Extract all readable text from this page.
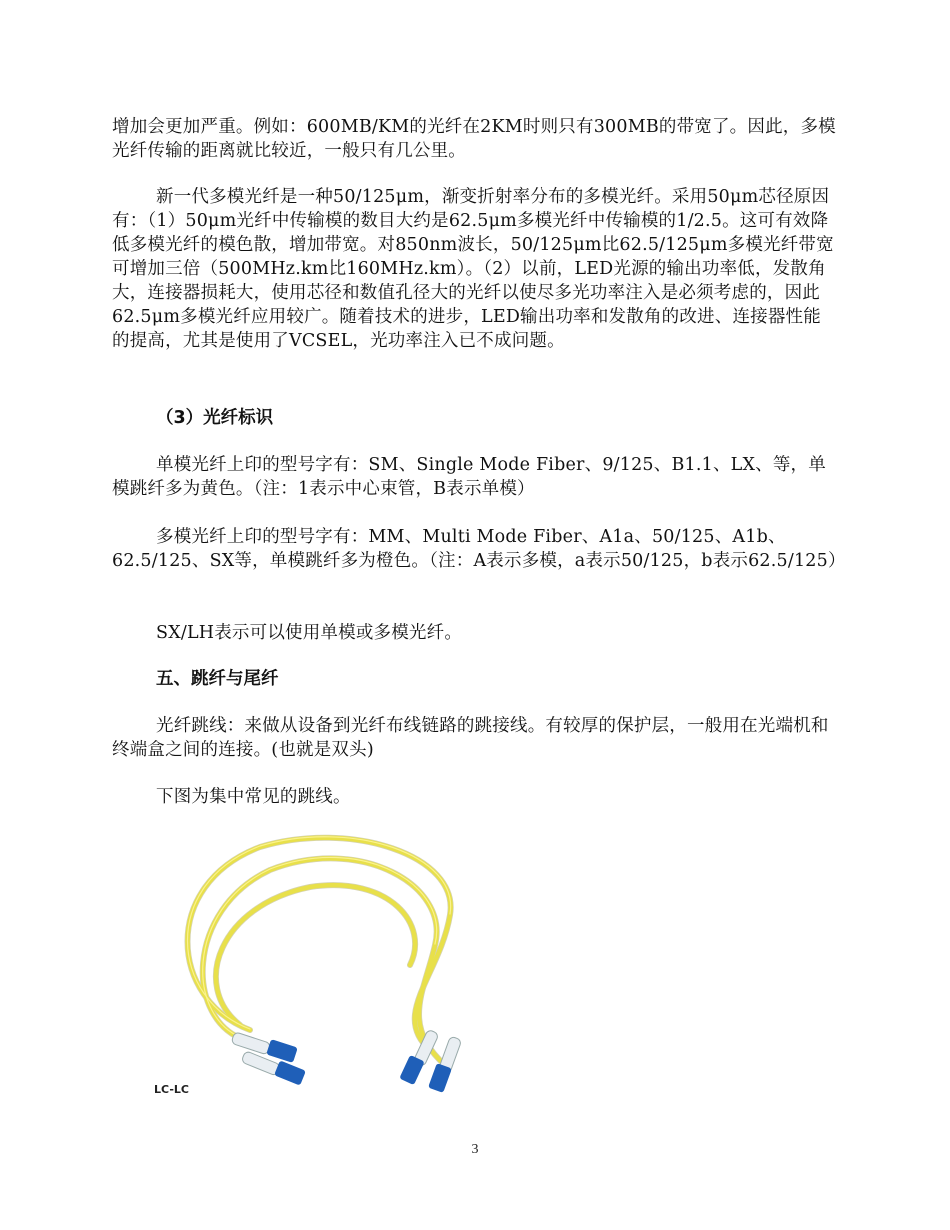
增加会更加严重。例如：600MB/KM的光纤在2KM时则只有300MB的带宽了。因此，多模光纤传输的距离就比较近，一般只有几公里。

新一代多模光纤是一种50/125μm，渐变折射率分布的多模光纤。采用50μm芯径原因有：（1）50μm光纤中传输模的数目大约是62.5μm多模光纤中传输模的1/2.5。这可有效降低多模光纤的模色散，增加带宽。对850nm波长，50/125μm比62.5/125μm多模光纤带宽可增加三倍（500MHz.km比160MHz.km）。（2）以前，LED光源的输出功率低，发散角大，连接器损耗大，使用芯径和数值孔径大的光纤以使尽多光功率注入是必须考虑的，因此62.5μm多模光纤应用较广。随着技术的进步，LED输出功率和发散角的改进、连接器性能的提高，尤其是使用了VCSEL，光功率注入已不成问题。

（3）光纤标识

单模光纤上印的型号字有：SM、Single Mode Fiber、9/125、B1.1、LX、等，单模跳纤多为黄色。（注：1表示中心束管，B表示单模）

多模光纤上印的型号字有：MM、Multi Mode Fiber、A1a、50/125、A1b、62.5/125、SX等，单模跳纤多为橙色。（注：A表示多模，a表示50/125，b表示62.5/125）

SX/LH表示可以使用单模或多模光纤。

五、跳纤与尾纤

光纤跳线：来做从设备到光纤布线链路的跳接线。有较厚的保护层，一般用在光端机和终端盒之间的连接。(也就是双头)

下图为集中常见的跳线。

LC-LC
3
